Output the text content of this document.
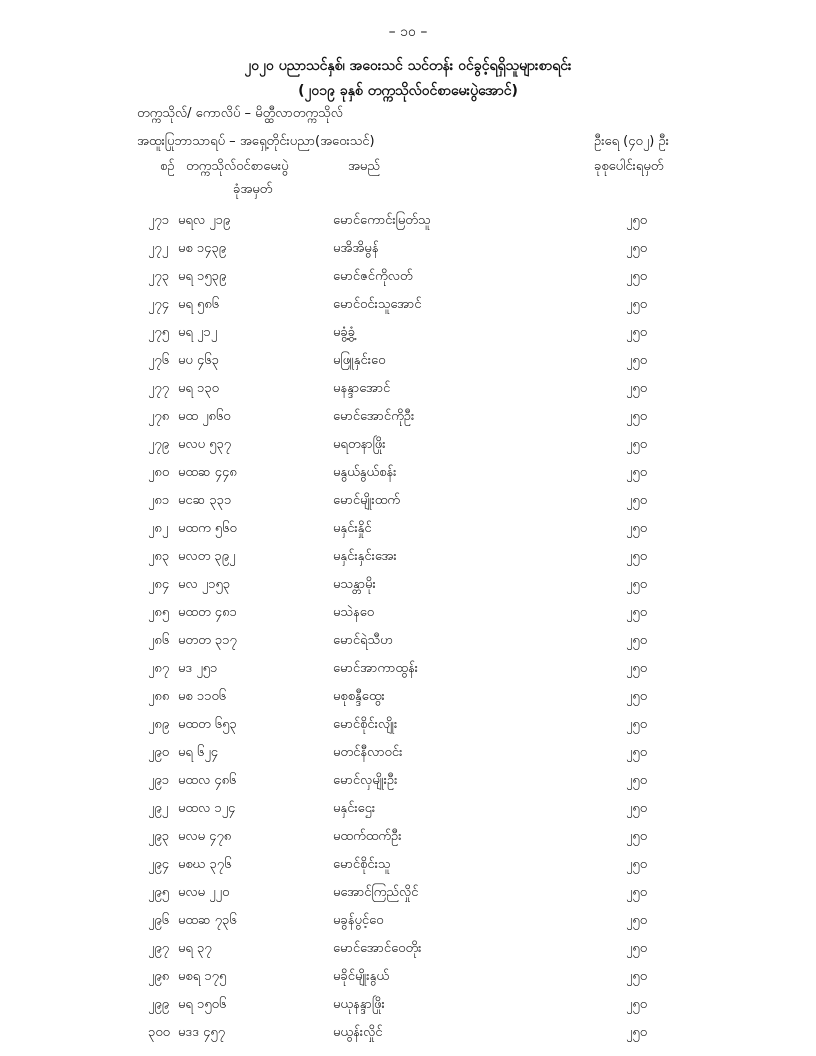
– ၁၀ –
၂၀၂၀ ပညာသင်နှစ်၊ အဝေးသင် သင်တန်း ဝင်ခွင့်ရရှိသူများစာရင်း
(၂၀၁၉ ခုနှစ် တက္ကသိုလ်ဝင်စာမေးပွဲအောင်)
တက္ကသိုလ်/ ကောလိပ် – မိတ္ထီလာတက္ကသိုလ်
အထူးပြုဘာသာရပ် – အရှေ့တိုင်းပညာ(အဝေးသင်)	ဦးရေ (၄၀၂) ဦး
စဉ် တက္ကသိုလ်ဝင်စာမေးပွဲ	အမည်	ခုစုပေါင်းရမှတ်
ခုံအမှတ်
၂၇၁ မရလ ၂၁၉	မောင်ကောင်းမြတ်သူ	၂၅၀
၂၇၂ မစ ၁၄၃၉	မအိအိမွန်	၂၅၀
၂၇၃ မရ ၁၅၃၉	မောင်ဇင်ကိုလတ်	၂၅၀
၂၇၄ မရ ၅၈၆	မောင်ဝင်းသူအောင်	၂၅၀
၂၇၅ မရ ၂၁၂	မခွံ့ခွံ့	၂၅၀
၂၇၆ မပ ၄၆၃	မဖြူနှင်းဝေ	၂၅၀
၂၇၇ မရ ၁၃၀	မနန္ဒာအောင်	၂၅၀
၂၇၈ မထ ၂၈၆၀	မောင်အောင်ကိုဦး	၂၅၀
၂၇၉ မလပ ၅၃၇	မရတနာဖြိုး	၂၅၀
၂၈၀ မထဆ ၄၄၈	မနွယ်နွယ်စန်း	၂၅၀
၂၈၁ မငဆ ၃၃၁	မောင်မျိုးထက်	၂၅၀
၂၈၂ မထက ၅၆၀	မနှင်းနှိုင်	၂၅၀
၂၈၃ မလတ ၃၉၂	မနှင်းနှင်းအေး	၂၅၀
၂၈၄ မလ ၂၁၅၃	မသန္တာမိုး	၂၅၀
၂၈၅ မထတ ၄၈၁	မသဲနဝေ	၂၅၀
၂၈၆ မတတ ၃၁၇	မောင်ရဲသီဟ	၂၅၀
၂၈၇ မဒ ၂၅၁	မောင်အာကာထွန်း	၂၅၀
၂၈၈ မစ ၁၁၀၆	မစုစန္ဒီထွေး	၂၅၀
၂၈၉ မထတ ၆၅၃	မောင်စိုင်းလျိုး	၂၅၀
၂၉၀ မရ ၆၂၄	မတင်နီလာဝင်း	၂၅၀
၂၉၁ မထလ ၄၈၆	မောင်လှမျိုးဦး	၂၅၀
၂၉၂ မထလ ၁၂၄	မနှင်းဌေး	၂၅၀
၂၉၃ မလမ ၄၇၈	မထက်ထက်ဦး	၂၅၀
၂၉၄ မစဃ ၃၇၆	မောင်စိုင်းသူ	၂၅၀
၂၉၅ မလမ ၂၂၀	မအောင်ကြည်လှိုင်	၂၅၀
၂၉၆ မထဆ ၇၃၆	မခွန်ပွင့်ဝေ	၂၅၀
၂၉၇ မရ ၃၇	မောင်အောင်ဝေတိုး	၂၅၀
၂၉၈ မစရ ၁၇၅	မခိုင်မျိုးနွယ်	၂၅၀
၂၉၉ မရ ၁၅၀၆	မယုနန္ဒာဖြိုး	၂၅၀
၃၀၀ မဒဒ ၄၅၇	မယွန်းလှိုင်	၂၅၀
